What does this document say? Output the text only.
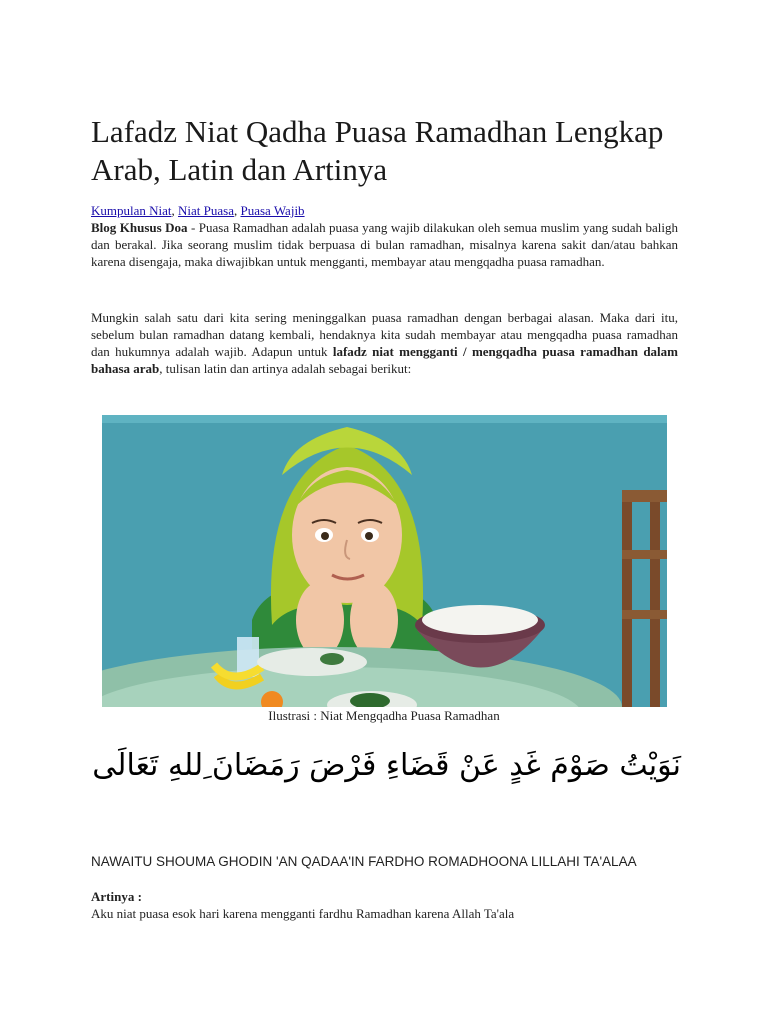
Lafadz Niat Qadha Puasa Ramadhan Lengkap Arab, Latin dan Artinya
Kumpulan Niat, Niat Puasa, Puasa Wajib

Blog Khusus Doa - Puasa Ramadhan adalah puasa yang wajib dilakukan oleh semua muslim yang sudah baligh dan berakal. Jika seorang muslim tidak berpuasa di bulan ramadhan, misalnya karena sakit dan/atau bahkan karena disengaja, maka diwajibkan untuk mengganti, membayar atau mengqadha puasa ramadhan.

Mungkin salah satu dari kita sering meninggalkan puasa ramadhan dengan berbagai alasan. Maka dari itu, sebelum bulan ramadhan datang kembali, hendaknya kita sudah membayar atau mengqadha puasa ramadhan dan hukumnya adalah wajib. Adapun untuk lafadz niat mengganti / mengqadha puasa ramadhan dalam bahasa arab, tulisan latin dan artinya adalah sebagai berikut:

Ilustrasi : Niat Mengqadha Puasa Ramadhan
نَوَيْتُ صَوْمَ غَدٍ عَنْ قَضَاءِ فَرْضَ رَمَضَانَ ِللهِ تَعَالَى
NAWAITU SHOUMA GHODIN 'AN QADAA'IN FARDHO ROMADHOONA LILLAHI TA'ALAA
Artinya :
Aku niat puasa esok hari karena mengganti fardhu Ramadhan karena Allah Ta'ala
